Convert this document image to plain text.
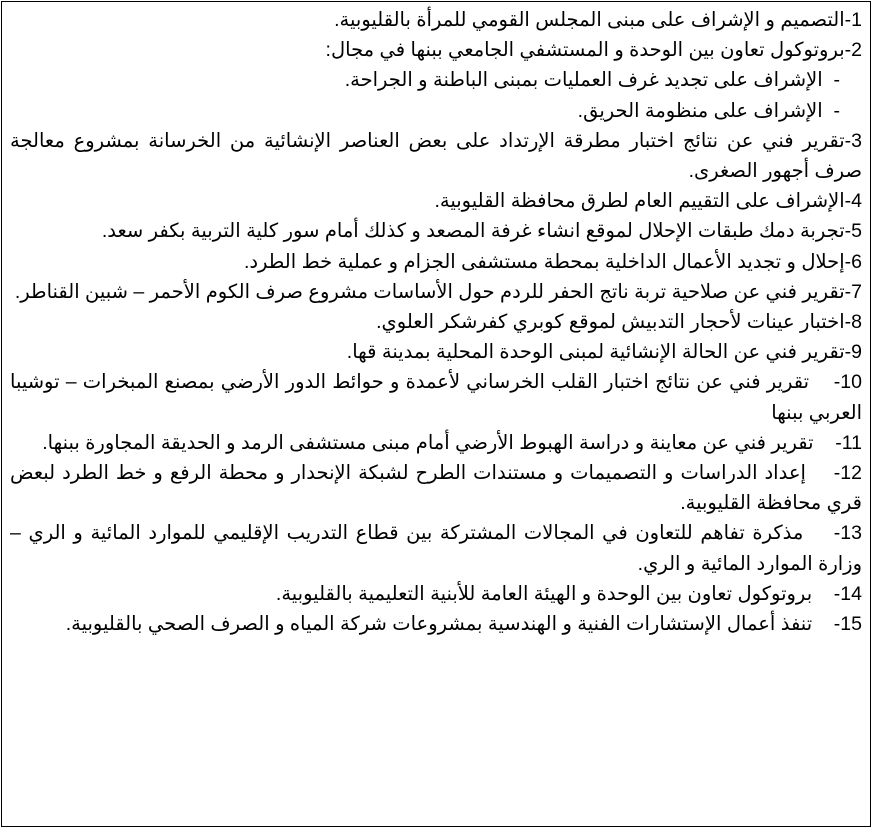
1-التصميم و الإشراف على مبنى المجلس القومي للمرأة بالقليوبية.

2-بروتوكول تعاون بين الوحدة و المستشفي الجامعي ببنها في مجال:

-  الإشراف على تجديد غرف العمليات بمبنى الباطنة و الجراحة.

-  الإشراف على منظومة الحريق.

3-تقرير فني عن نتائج اختبار مطرقة الإرتداد على بعض العناصر الإنشائية من الخرسانة بمشروع معالجة صرف أجهور الصغرى.

4-الإشراف على التقييم العام لطرق محافظة القليوبية.

5-تجربة دمك طبقات الإحلال لموقع انشاء غرفة المصعد و كذلك أمام سور كلية التربية بكفر سعد.

6-إحلال و تجديد الأعمال الداخلية بمحطة مستشفى الجزام و عملية خط الطرد.

7-تقرير فني عن صلاحية تربة ناتج الحفر للردم حول الأساسات مشروع صرف الكوم الأحمر – شبين القناطر.

8-اختبار عينات لأحجار التدبيش لموقع كوبري كفرشكر العلوي.

9-تقرير فني عن الحالة الإنشائية لمبنى الوحدة المحلية بمدينة قها.

10-    تقرير فني عن نتائج اختبار القلب الخرساني لأعمدة و حوائط الدور الأرضي بمصنع المبخرات – توشيبا العربي ببنها

11-    تقرير فني عن معاينة و دراسة الهبوط الأرضي أمام مبنى مستشفى الرمد و الحديقة المجاورة ببنها.

12-    إعداد الدراسات و التصميمات و مستندات الطرح لشبكة الإنحدار و محطة الرفع و خط الطرد لبعض قري محافظة القليوبية.

13-    مذكرة تفاهم للتعاون في المجالات المشتركة بين قطاع التدريب الإقليمي للموارد المائية و الري – وزارة الموارد المائية و الري.

14-    بروتوكول تعاون بين الوحدة و الهيئة العامة للأبنية التعليمية بالقليوبية.

15-    تنفذ أعمال الإستشارات الفنية و الهندسية بمشروعات شركة المياه و الصرف الصحي بالقليوبية.
